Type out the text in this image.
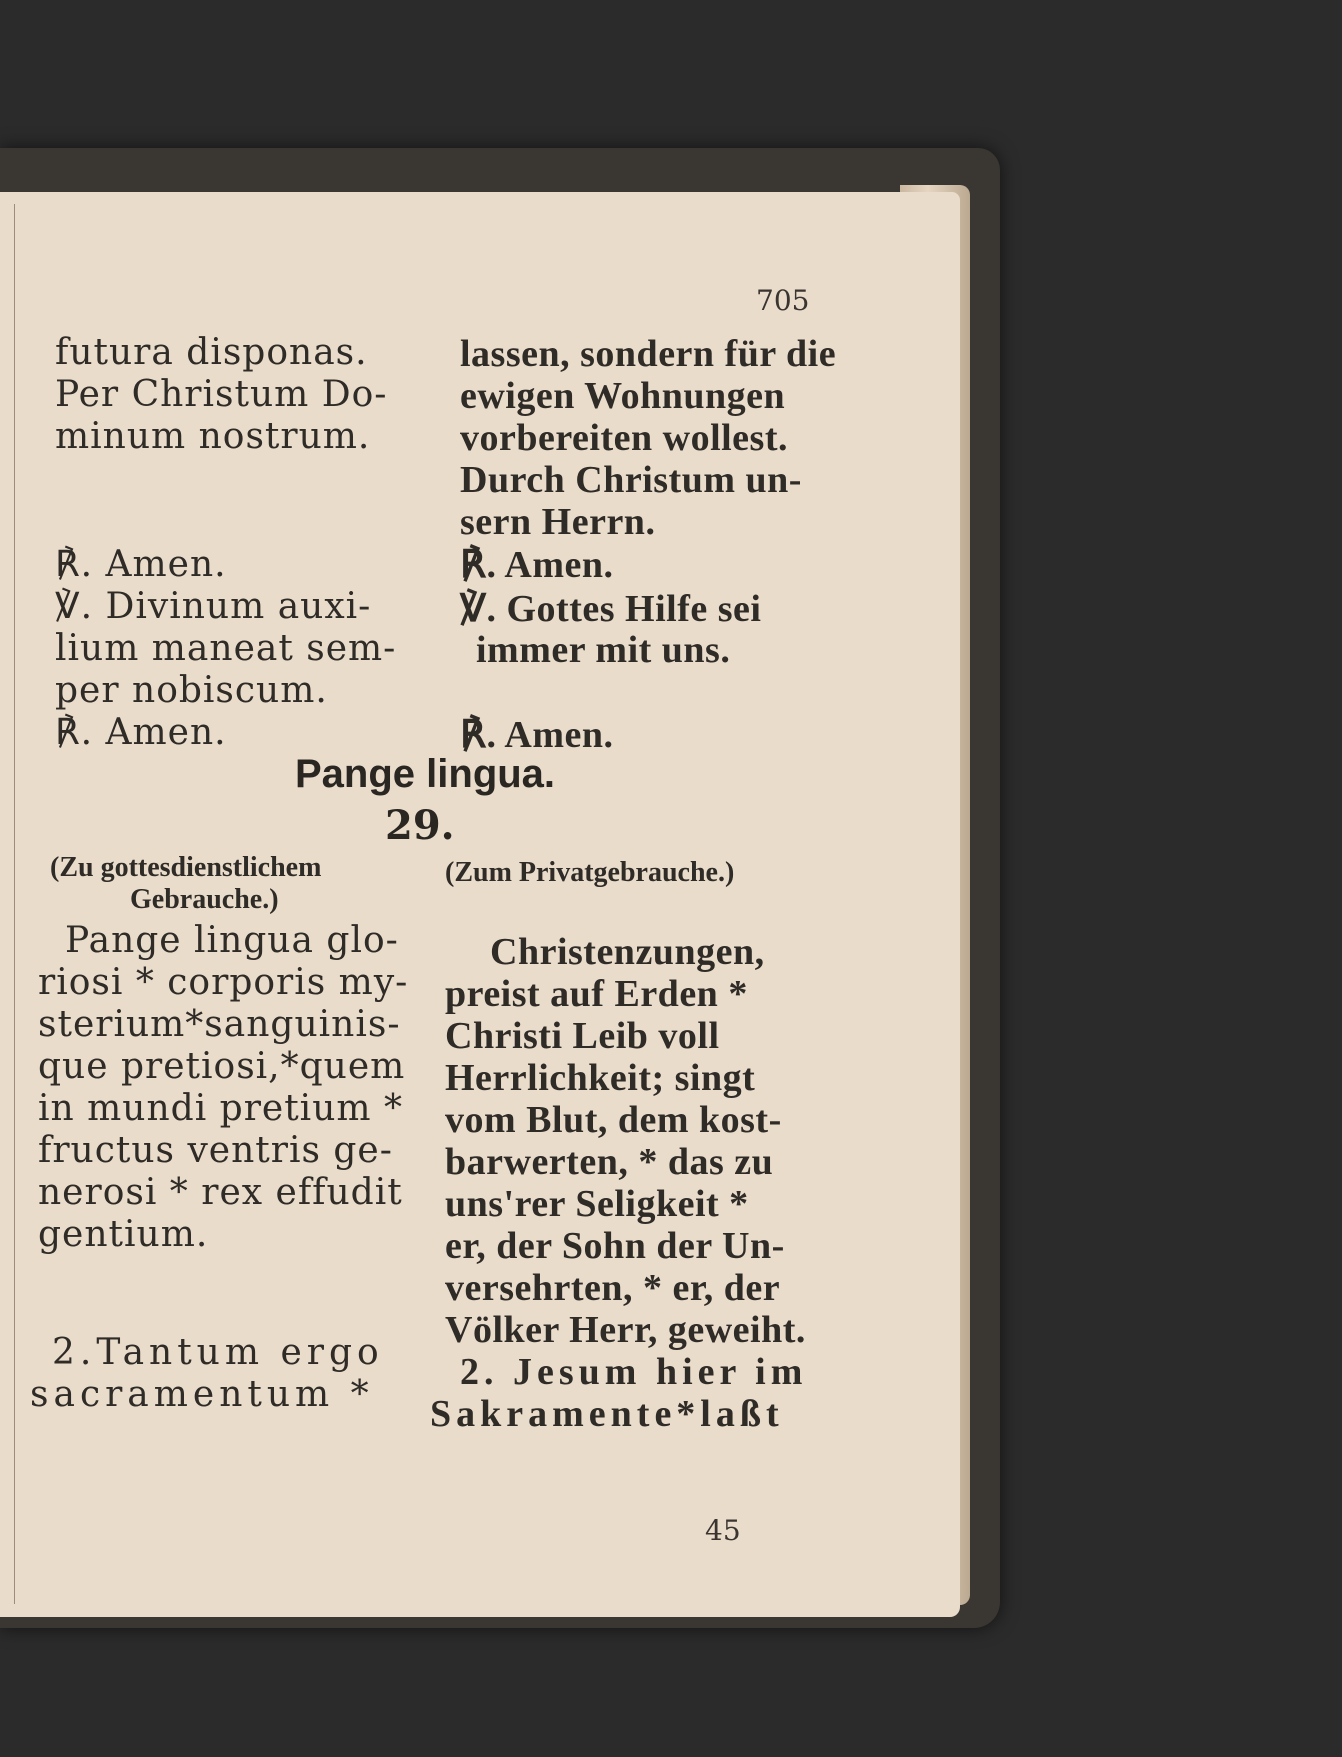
705
futura disponas.
Per Christum Do-
minum nostrum.
℟. Amen.
℣. Divinum auxi-
lium maneat sem-
per nobiscum.
℟. Amen.
lassen, sondern für die
ewigen Wohnungen
vorbereiten wollest.
Durch Christum un-
sern Herrn.
℟. Amen.
℣. Gottes Hilfe sei
immer mit uns.
℟. Amen.
Pange lingua.
29.
(Zu gottesdienstlichem
Gebrauche.)
(Zum Privatgebrauche.)
Pange lingua glo-
riosi * corporis my-
sterium*sanguinis-
que pretiosi,*quem
in mundi pretium *
fructus ventris ge-
nerosi * rex effudit
gentium.
2.Tantum ergo
sacramentum *
Christenzungen,
preist auf Erden *
Christi Leib voll
Herrlichkeit; singt
vom Blut, dem kost-
barwerten, * das zu
uns'rer Seligkeit *
er, der Sohn der Un-
versehrten, * er, der
Völker Herr, geweiht.
2. Jesum hier im
Sakramente*laßt
45
